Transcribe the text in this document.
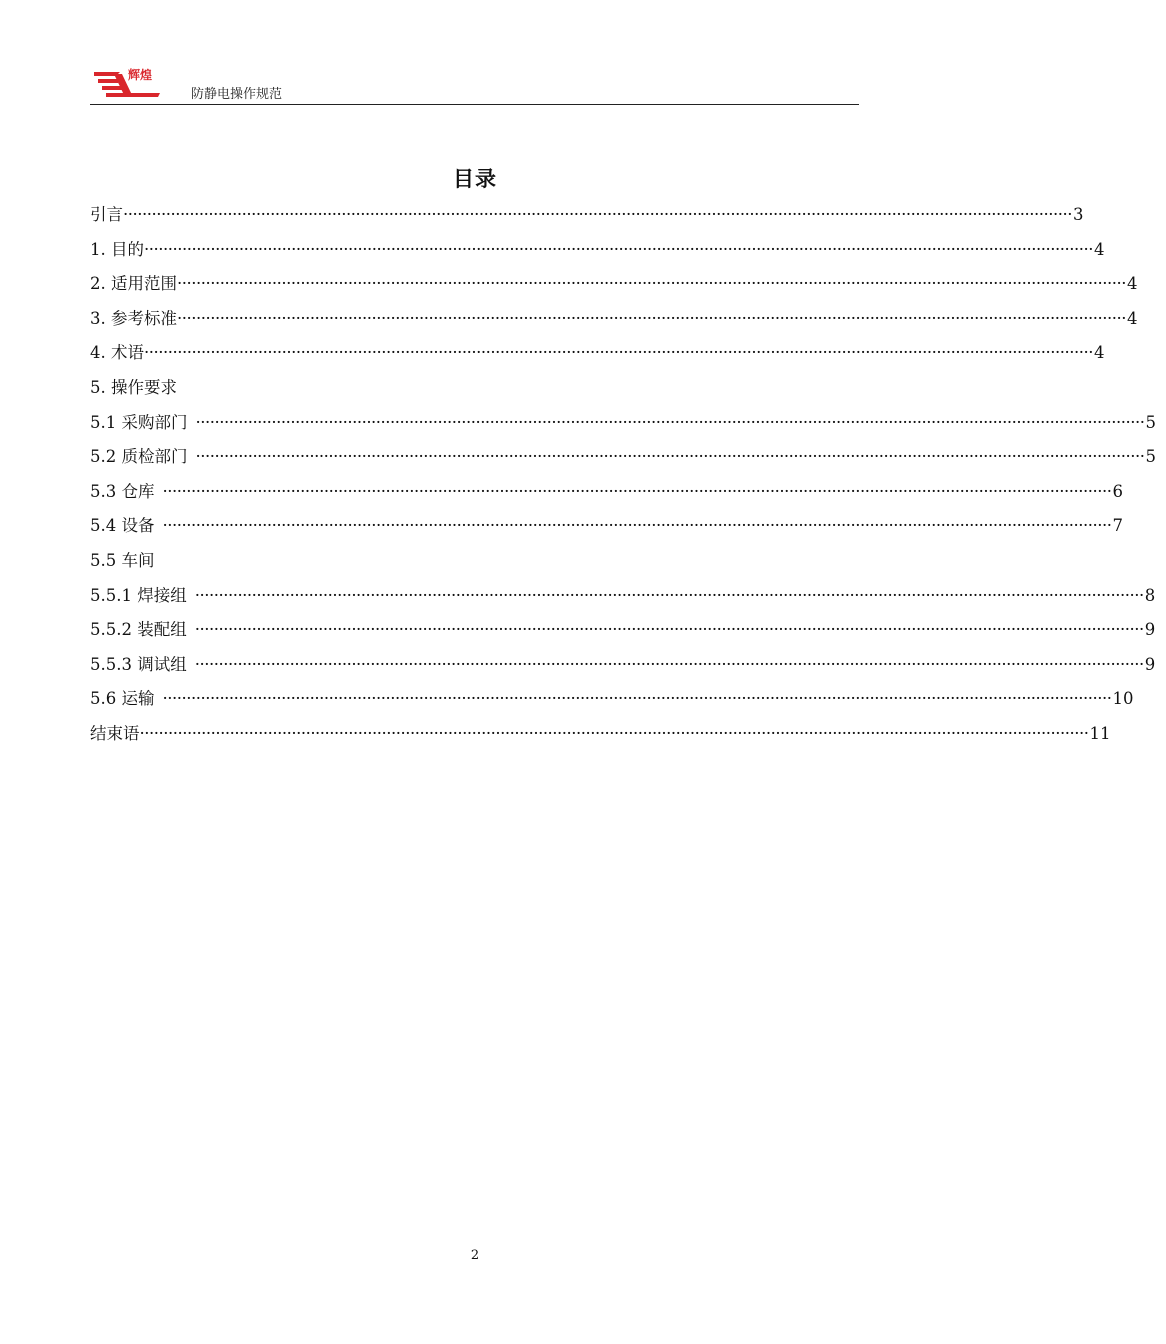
辉煌
防静电操作规范
目录
引言 ········································································································································································································ 3
1. 目的 ········································································································································································································ 4
2. 适用范围 ········································································································································································································ 4
3. 参考标准 ········································································································································································································ 4
4. 术语 ········································································································································································································ 4
5. 操作要求
5.1 采购部门 ········································································································································································································ 5
5.2 质检部门 ········································································································································································································ 5
5.3 仓库 ········································································································································································································ 6
5.4 设备 ········································································································································································································ 7
5.5 车间
5.5.1 焊接组 ········································································································································································································ 8
5.5.2 装配组 ········································································································································································································ 9
5.5.3 调试组 ········································································································································································································ 9
5.6 运输 ········································································································································································································ 10
结束语 ········································································································································································································ 11
2
